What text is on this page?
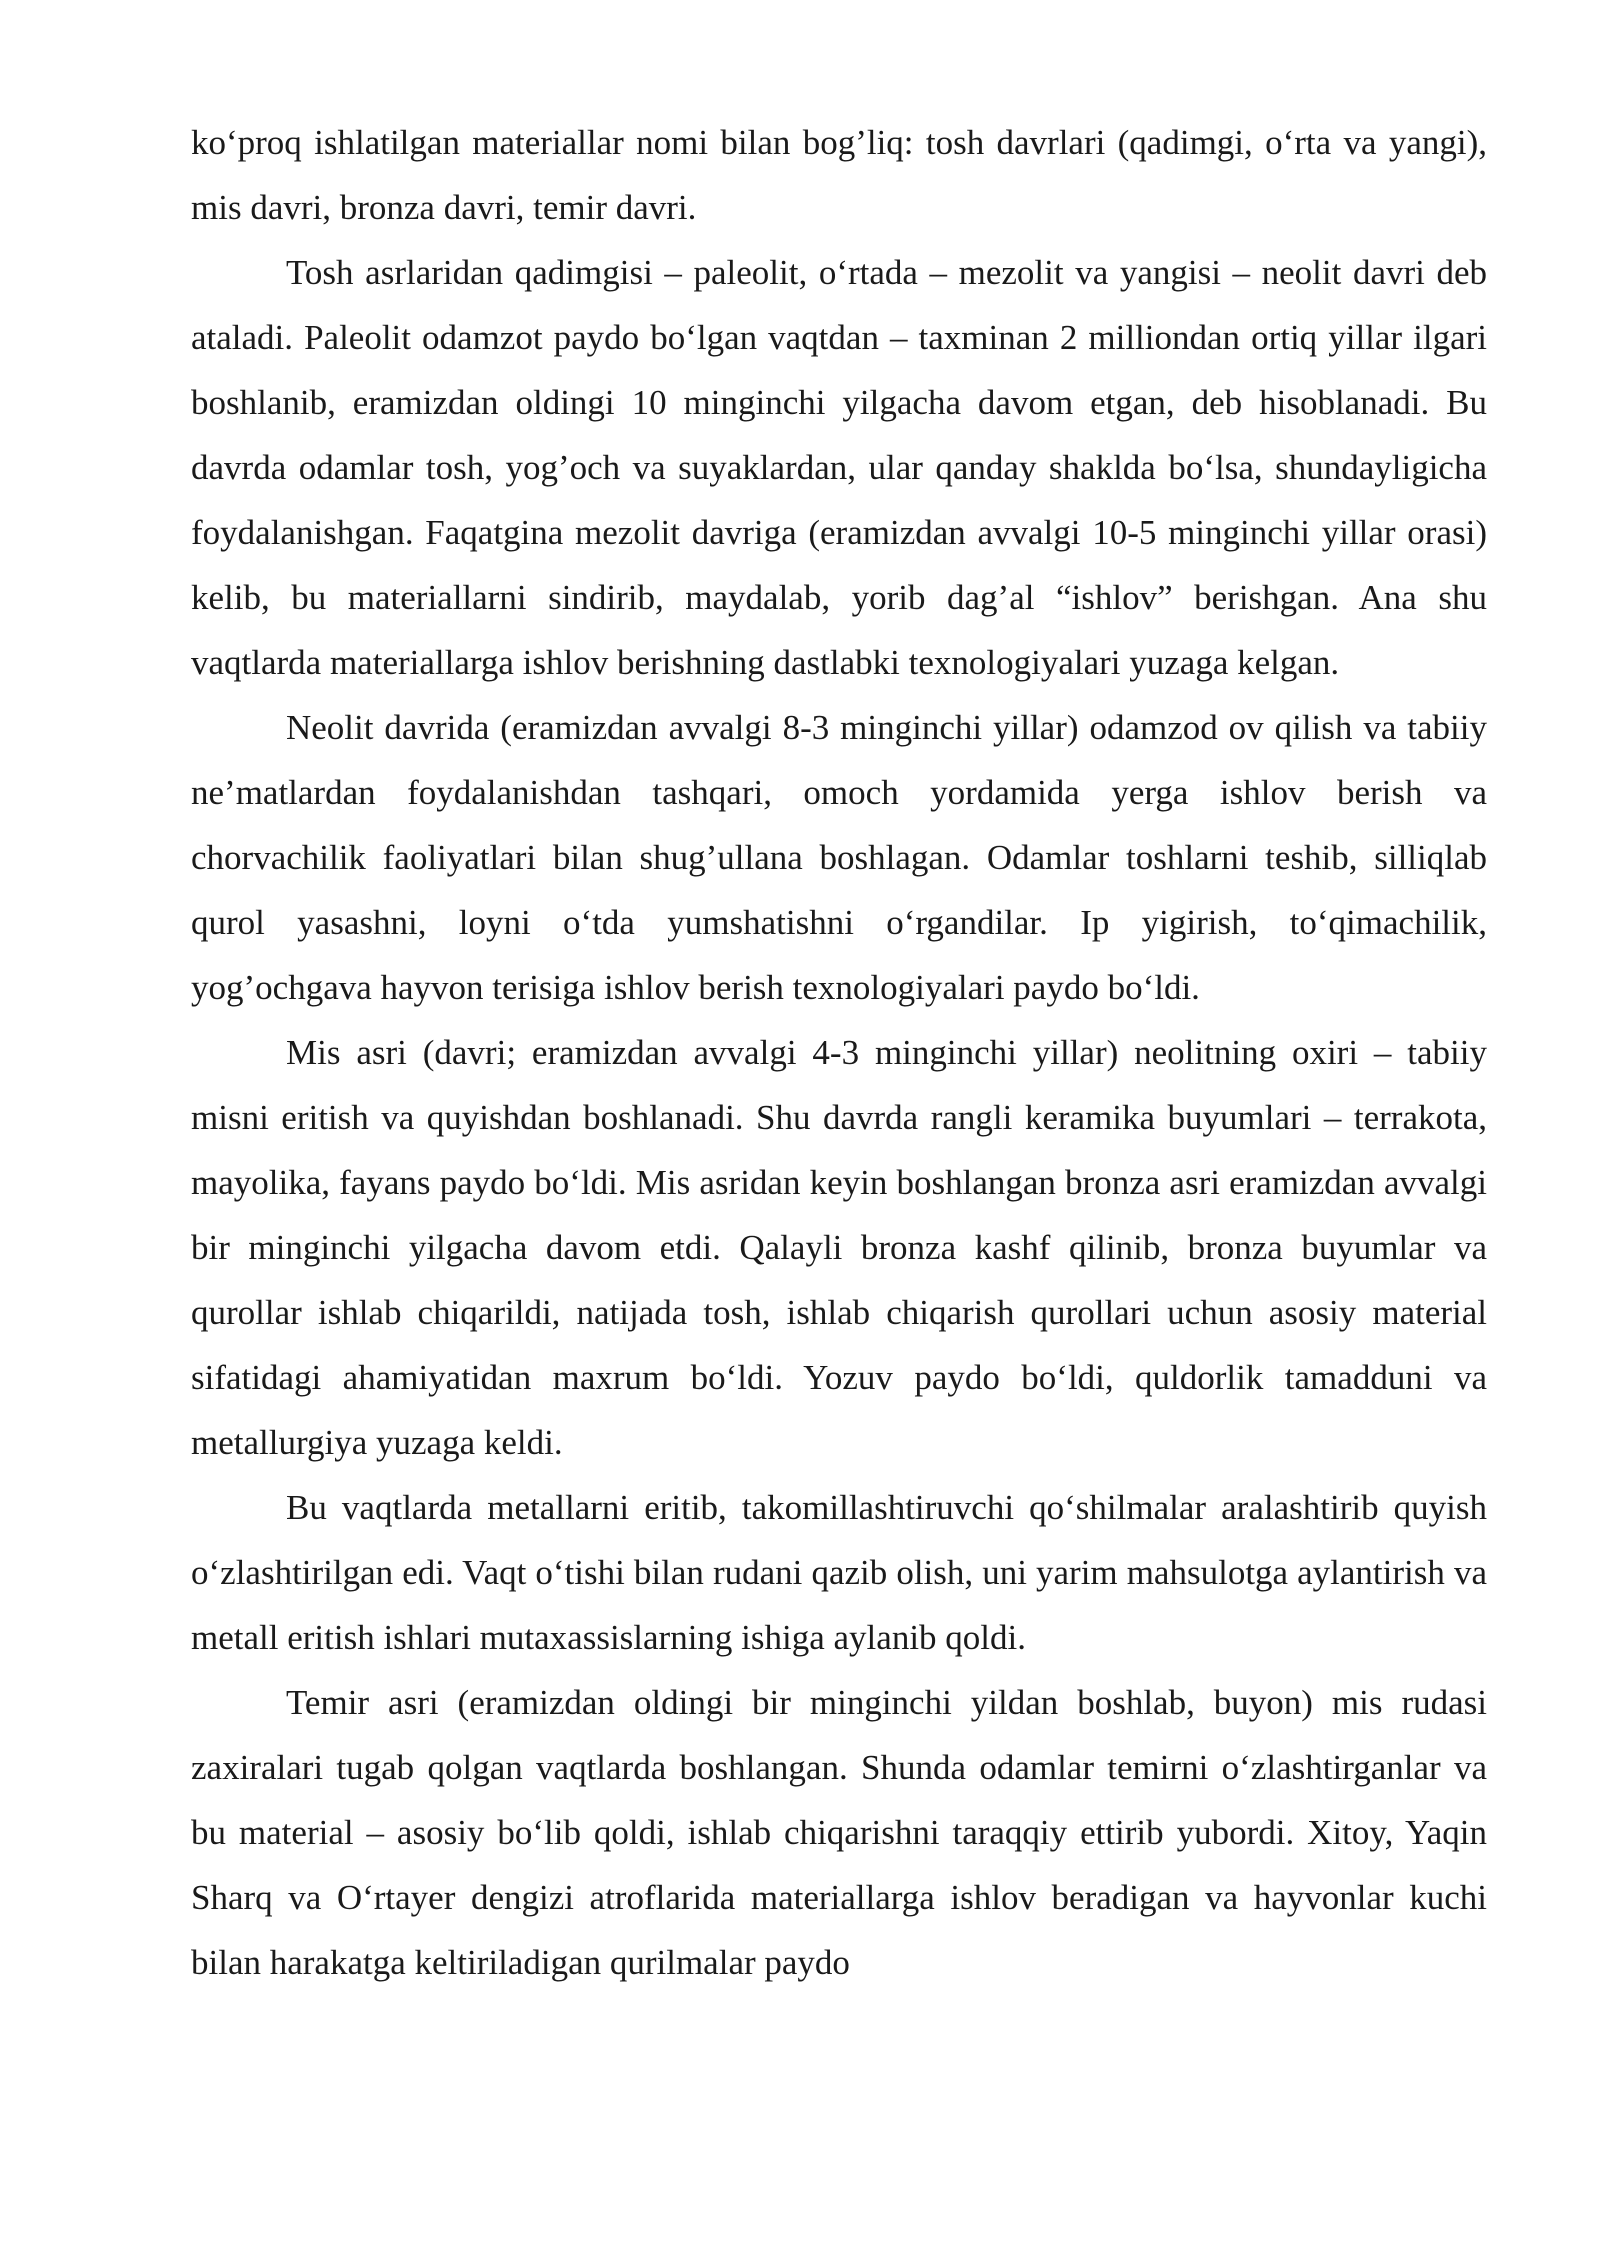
ko‘proq ishlatilgan materiallar nomi bilan bog’liq: tosh davrlari (qadimgi, o‘rta va yangi), mis davri, bronza davri, temir davri.

Tosh asrlaridan qadimgisi – paleolit, o‘rtada – mezolit va yangisi – neolit davri deb ataladi. Paleolit odamzot paydo bo‘lgan vaqtdan – taxminan 2 milliondan ortiq yillar ilgari boshlanib, eramizdan oldingi 10 minginchi yilgacha davom etgan, deb hisoblanadi. Bu davrda odamlar tosh, yog’och va suyaklardan, ular qanday shaklda bo‘lsa, shundayligicha foydalanishgan. Faqatgina mezolit davriga (eramizdan avvalgi 10-5 minginchi yillar orasi) kelib, bu materiallarni sindirib, maydalab, yorib dag’al “ishlov” berishgan. Ana shu vaqtlarda materiallarga ishlov berishning dastlabki texnologiyalari yuzaga kelgan.

Neolit davrida (eramizdan avvalgi 8-3 minginchi yillar) odamzod ov qilish va tabiiy ne’matlardan foydalanishdan tashqari, omoch yordamida yerga ishlov berish va chorvachilik faoliyatlari bilan shug’ullana boshlagan. Odamlar toshlarni teshib, silliqlab qurol yasashni, loyni o‘tda yumshatishni o‘rgandilar. Ip yigirish, to‘qimachilik, yog’ochgava hayvon terisiga ishlov berish texnologiyalari paydo bo‘ldi.

Mis asri (davri; eramizdan avvalgi 4-3 minginchi yillar) neolitning oxiri – tabiiy misni eritish va quyishdan boshlanadi. Shu davrda rangli keramika buyumlari – terrakota, mayolika, fayans paydo bo‘ldi. Mis asridan keyin boshlangan bronza asri eramizdan avvalgi bir minginchi yilgacha davom etdi. Qalayli bronza kashf qilinib, bronza buyumlar va qurollar ishlab chiqarildi, natijada tosh, ishlab chiqarish qurollari uchun asosiy material sifatidagi ahamiyatidan maxrum bo‘ldi. Yozuv paydo bo‘ldi, quldorlik tamadduni va metallurgiya yuzaga keldi.

Bu vaqtlarda metallarni eritib, takomillashtiruvchi qo‘shilmalar aralashtirib quyish o‘zlashtirilgan edi. Vaqt o‘tishi bilan rudani qazib olish, uni yarim mahsulotga aylantirish va metall eritish ishlari mutaxassislarning ishiga aylanib qoldi.

Temir asri (eramizdan oldingi bir minginchi yildan boshlab, buyon) mis rudasi zaxiralari tugab qolgan vaqtlarda boshlangan. Shunda odamlar temirni o‘zlashtirganlar va bu material – asosiy bo‘lib qoldi, ishlab chiqarishni taraqqiy ettirib yubordi. Xitoy, Yaqin Sharq va O‘rtayer dengizi atroflarida materiallarga ishlov beradigan va hayvonlar kuchi bilan harakatga keltiriladigan qurilmalar paydo
